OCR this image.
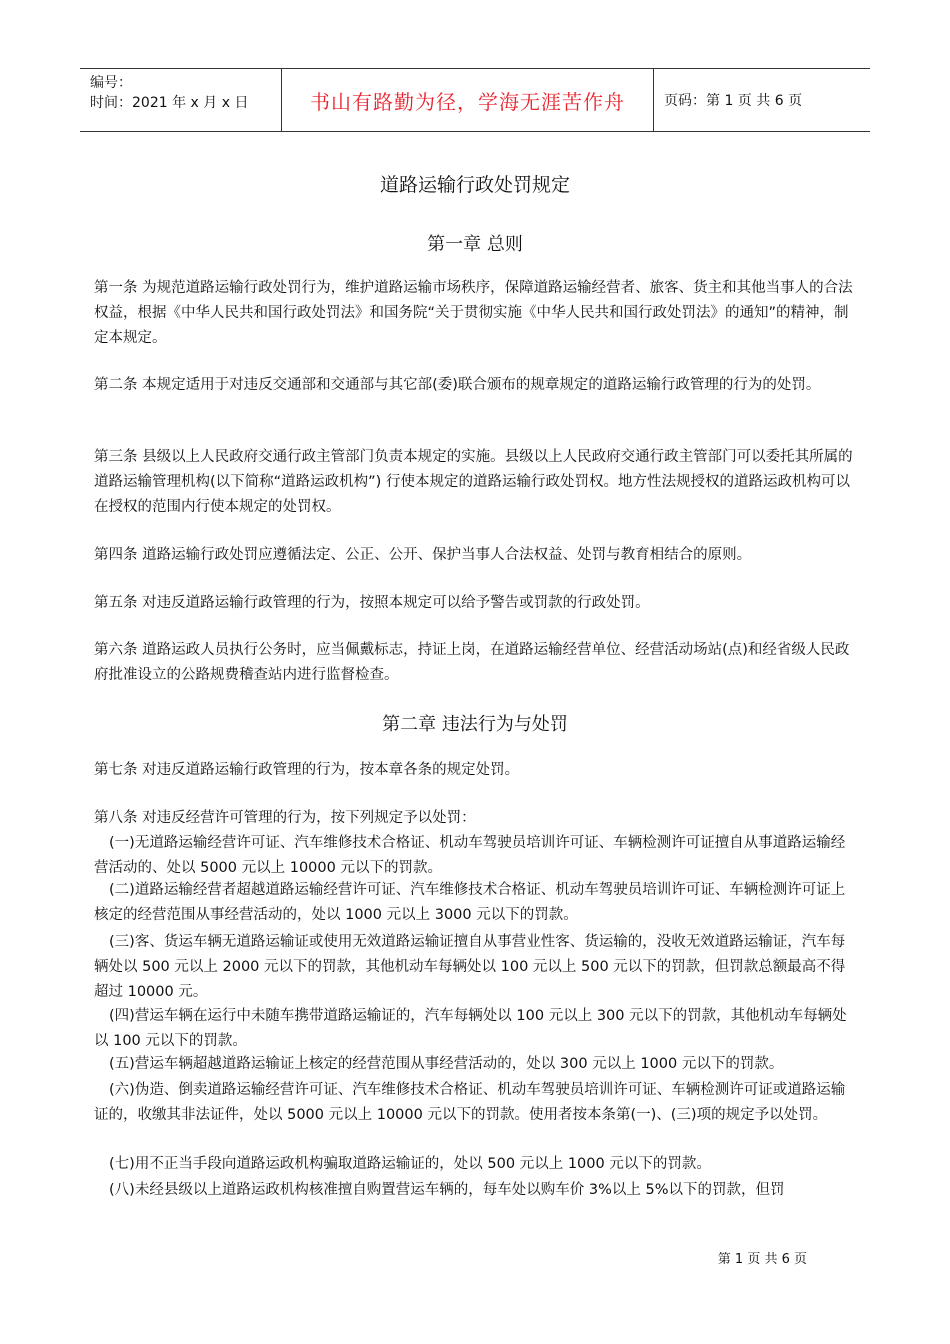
编号：
时间：2021 年 x 月 x 日	书山有路勤为径，学海无涯苦作舟	页码：第 1 页 共 6 页
道路运输行政处罚规定
第一章 总则
第一条 为规范道路运输行政处罚行为，维护道路运输市场秩序，保障道路运输经营者、旅客、货主和其他当事人的合法权益，根据《中华人民共和国行政处罚法》和国务院“关于贯彻实施《中华人民共和国行政处罚法》的通知”的精神，制定本规定。
第二条 本规定适用于对违反交通部和交通部与其它部(委)联合颁布的规章规定的道路运输行政管理的行为的处罚。
第三条 县级以上人民政府交通行政主管部门负责本规定的实施。县级以上人民政府交通行政主管部门可以委托其所属的道路运输管理机构(以下简称“道路运政机构”) 行使本规定的道路运输行政处罚权。地方性法规授权的道路运政机构可以在授权的范围内行使本规定的处罚权。
第四条 道路运输行政处罚应遵循法定、公正、公开、保护当事人合法权益、处罚与教育相结合的原则。
第五条 对违反道路运输行政管理的行为，按照本规定可以给予警告或罚款的行政处罚。
第六条 道路运政人员执行公务时，应当佩戴标志，持证上岗，在道路运输经营单位、经营活动场站(点)和经省级人民政府批准设立的公路规费稽查站内进行监督检查。
第二章 违法行为与处罚
第七条 对违反道路运输行政管理的行为，按本章各条的规定处罚。
第八条 对违反经营许可管理的行为，按下列规定予以处罚：
(一)无道路运输经营许可证、汽车维修技术合格证、机动车驾驶员培训许可证、车辆检测许可证擅自从事道路运输经营活动的、处以 5000 元以上 10000 元以下的罚款。
(二)道路运输经营者超越道路运输经营许可证、汽车维修技术合格证、机动车驾驶员培训许可证、车辆检测许可证上核定的经营范围从事经营活动的，处以 1000 元以上 3000 元以下的罚款。
(三)客、货运车辆无道路运输证或使用无效道路运输证擅自从事营业性客、货运输的，没收无效道路运输证，汽车每辆处以 500 元以上 2000 元以下的罚款，其他机动车每辆处以 100 元以上 500 元以下的罚款，但罚款总额最高不得超过 10000 元。
(四)营运车辆在运行中未随车携带道路运输证的，汽车每辆处以 100 元以上 300 元以下的罚款，其他机动车每辆处以 100 元以下的罚款。
(五)营运车辆超越道路运输证上核定的经营范围从事经营活动的，处以 300 元以上 1000 元以下的罚款。
(六)伪造、倒卖道路运输经营许可证、汽车维修技术合格证、机动车驾驶员培训许可证、车辆检测许可证或道路运输证的，收缴其非法证件，处以 5000 元以上 10000 元以下的罚款。使用者按本条第(一)、(三)项的规定予以处罚。
(七)用不正当手段向道路运政机构骗取道路运输证的，处以 500 元以上 1000 元以下的罚款。
(八)未经县级以上道路运政机构核准擅自购置营运车辆的，每车处以购车价 3%以上 5%以下的罚款，但罚
第 1 页 共 6 页
